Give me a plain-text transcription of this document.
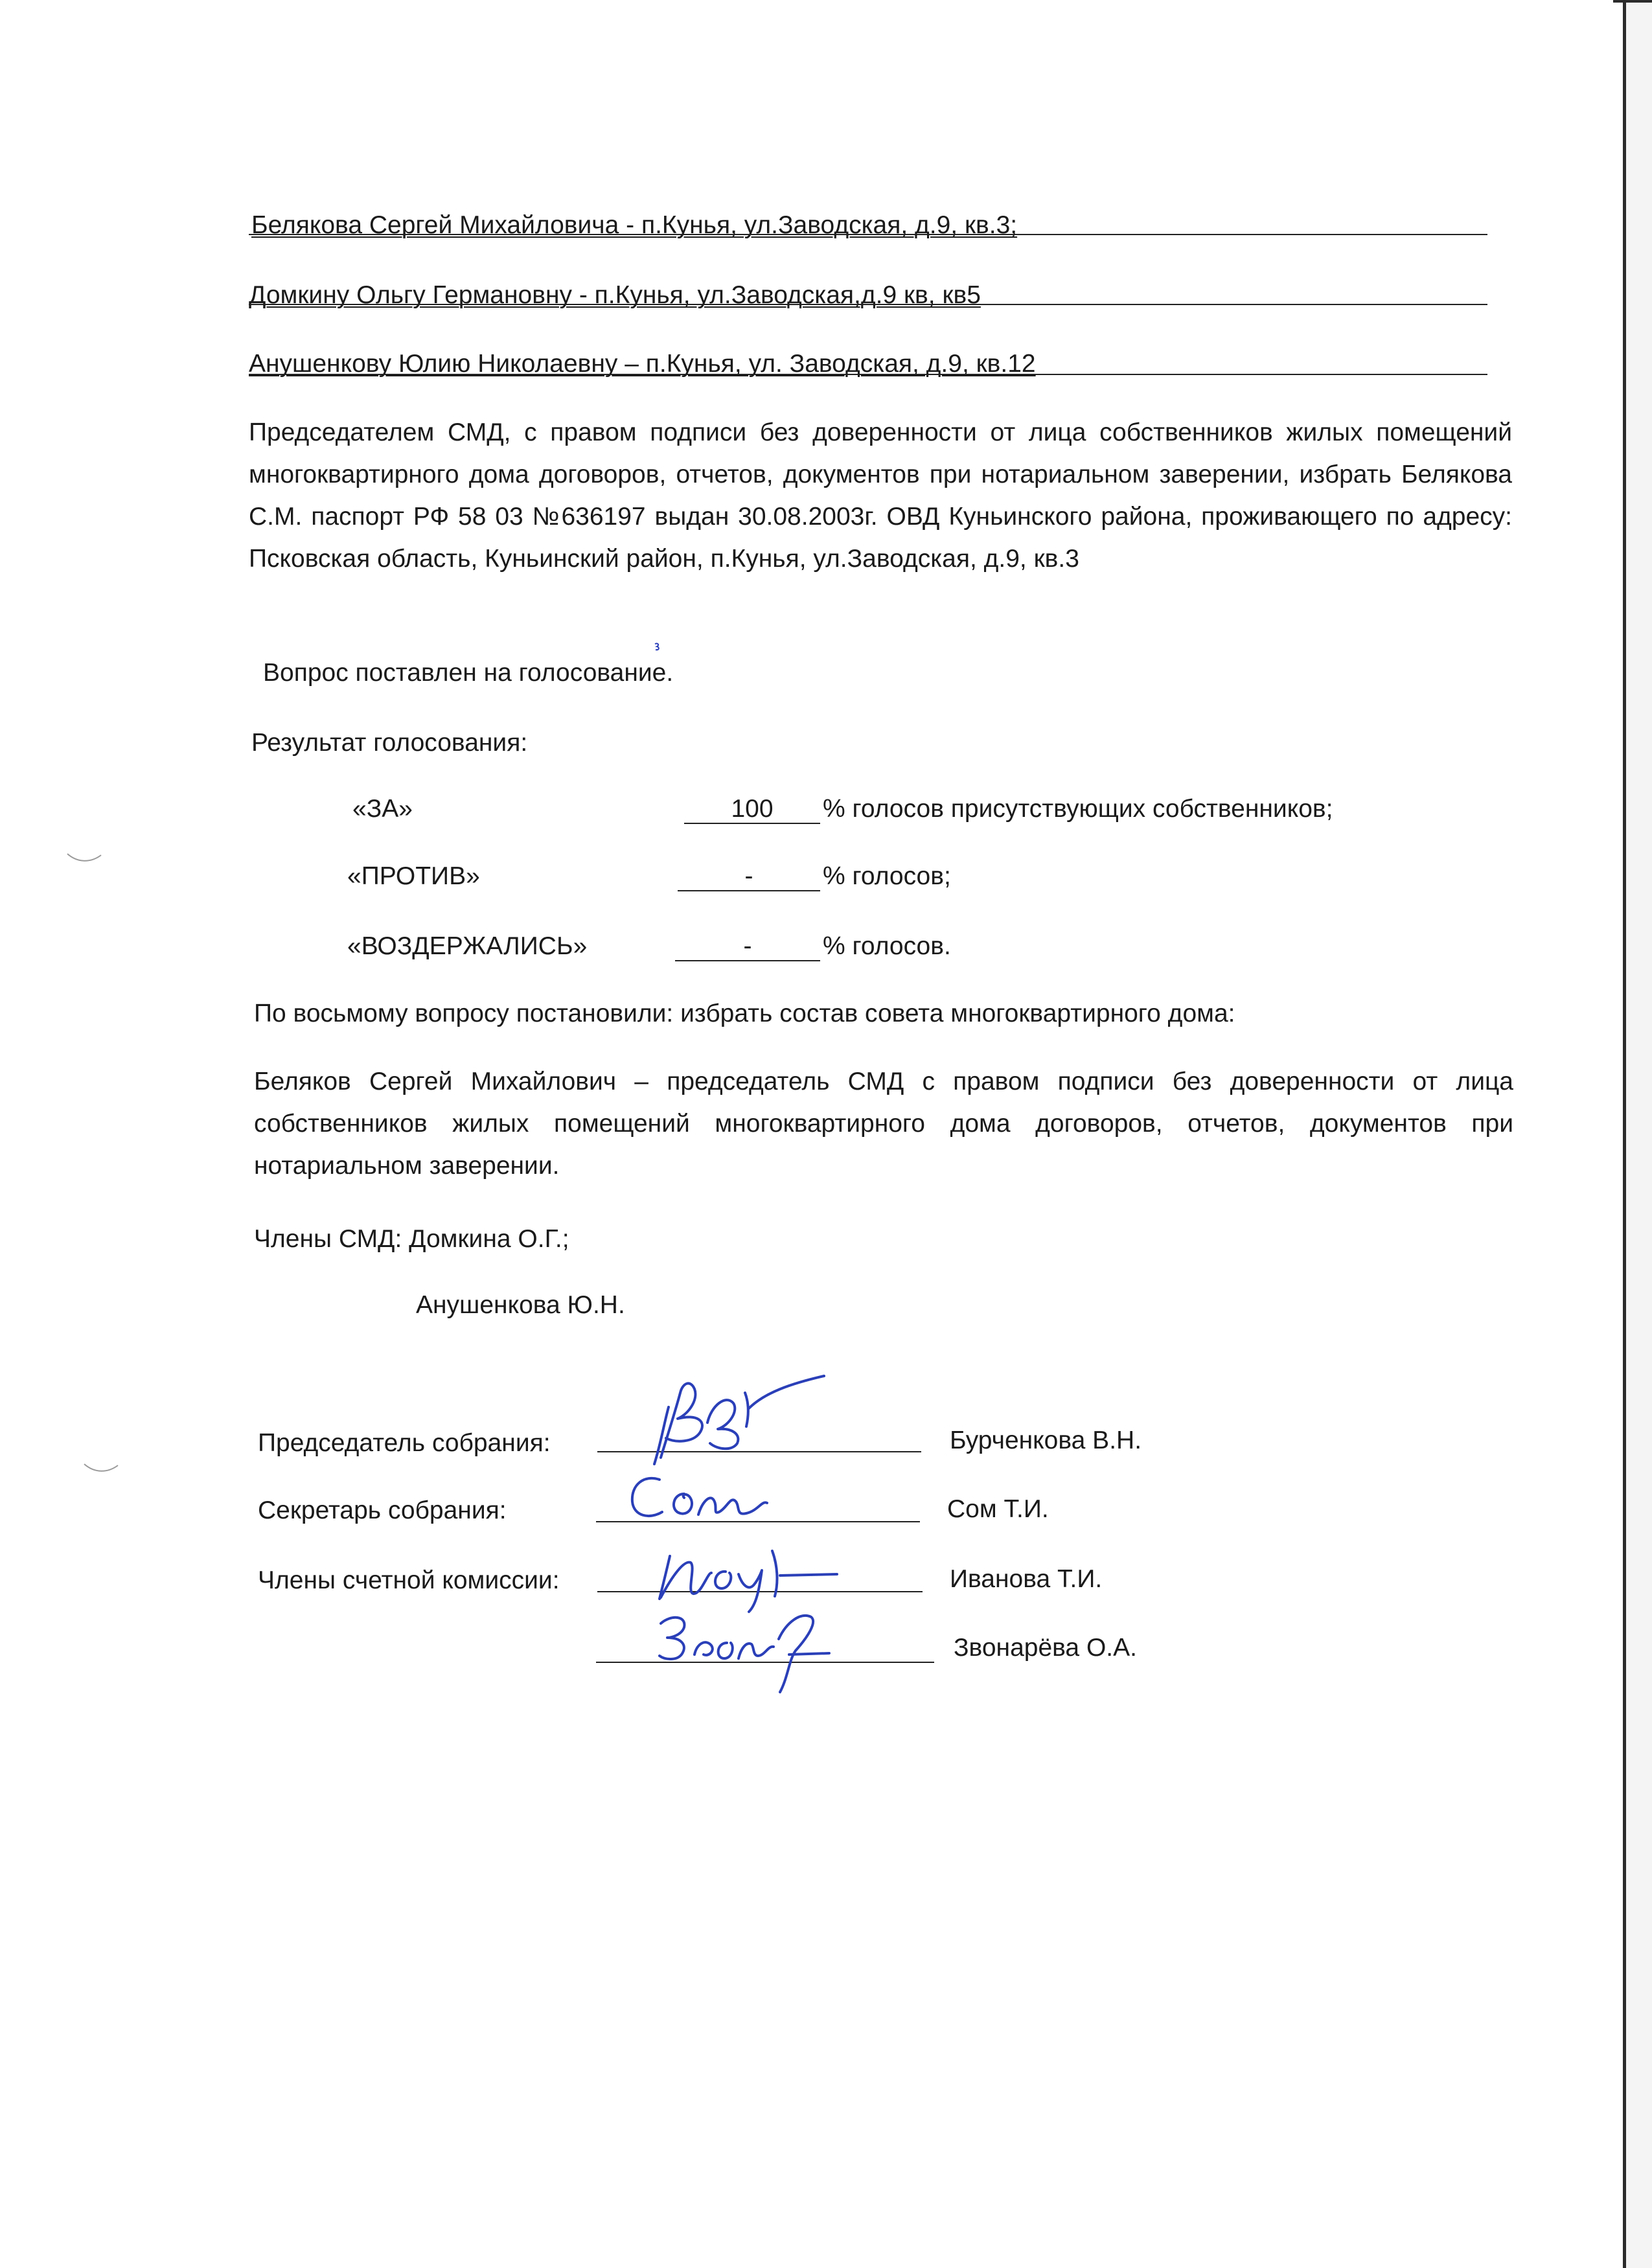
Белякова Сергей Михайловича - п.Кунья, ул.Заводская, д.9, кв.3;
Домкину Ольгу Германовну - п.Кунья, ул.Заводская,д.9 кв, кв5
Анушенкову Юлию Николаевну – п.Кунья, ул. Заводская, д.9, кв.12
Председателем СМД, с правом подписи без доверенности от лица собственников жилых помещений многоквартирного дома договоров, отчетов, документов при нотариальном заверении, избрать Белякова С.М. паспорт РФ 58 03 №636197 выдан 30.08.2003г. ОВД Куньинского района, проживающего по адресу: Псковская область, Куньинский район, п.Кунья, ул.Заводская, д.9, кв.3
Вопрос поставлен на голосование.
Результат голосования:
«ЗА»	100	% голосов присутствующих собственников;
«ПРОТИВ»	-	% голосов;
«ВОЗДЕРЖАЛИСЬ»	-	% голосов.
По восьмому вопросу постановили: избрать состав совета многоквартирного дома:
Беляков Сергей Михайлович – председатель СМД с правом подписи без доверенности от лица собственников жилых помещений многоквартирного дома договоров, отчетов, документов при нотариальном заверении.
Члены СМД: Домкина О.Г.;
Анушенкова Ю.Н.
Председатель собрания:	Бурченкова В.Н.
Секретарь собрания:	Сом Т.И.
Члены счетной комиссии:	Иванова Т.И.
Звонарёва О.А.
